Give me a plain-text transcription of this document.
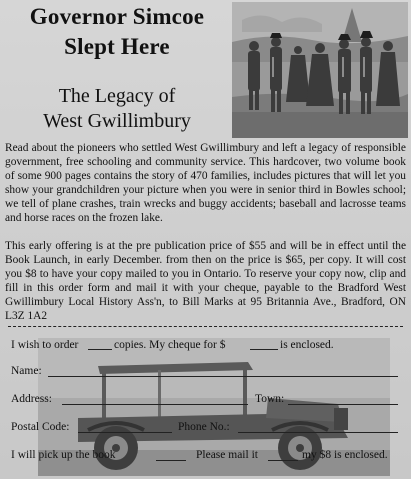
Governor Simcoe
Slept Here
The Legacy of
West Gwillimbury

Read about the pioneers who settled West Gwillimbury and left a legacy of responsible government, free schooling and community service. This hardcover, two volume book of some 900 pages contains the story of 470 families, includes pictures that will let you show your grandchildren your picture when you were in senior third in Bowles school; we tell of plane crashes, train wrecks and buggy accidents; baseball and lacrosse teams and horse races on the frozen lake.

This early offering is at the pre publication price of $55 and will be in effect until the Book Launch, in early December. from then on the price is $65, per copy. It will cost you $8 to have your copy mailed to you in Ontario. To reserve your copy now, clip and fill in this order form and mail it with your cheque, payable to the Bradford West Gwillimbury Local History Ass'n, to Bill Marks at 95 Britannia Ave., Bradford, ON L3Z 1A2

I wish to order	copies. My cheque for $	is enclosed.
Name:
Address:	Town:
Postal Code:	Phone No.:
I will pick up the book	Please mail it	my $8 is enclosed.
